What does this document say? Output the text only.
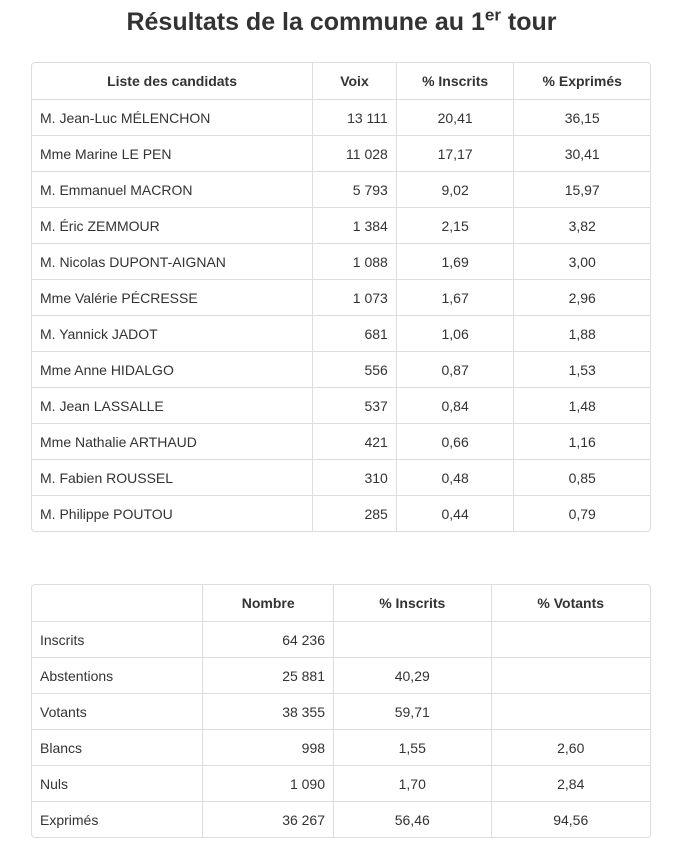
Résultats de la commune au 1er tour
Liste des candidats	Voix	% Inscrits	% Exprimés
M. Jean-Luc MÉLENCHON	13 111	20,41	36,15
Mme Marine LE PEN	11 028	17,17	30,41
M. Emmanuel MACRON	5 793	9,02	15,97
M. Éric ZEMMOUR	1 384	2,15	3,82
M. Nicolas DUPONT-AIGNAN	1 088	1,69	3,00
Mme Valérie PÉCRESSE	1 073	1,67	2,96
M. Yannick JADOT	681	1,06	1,88
Mme Anne HIDALGO	556	0,87	1,53
M. Jean LASSALLE	537	0,84	1,48
Mme Nathalie ARTHAUD	421	0,66	1,16
M. Fabien ROUSSEL	310	0,48	0,85
M. Philippe POUTOU	285	0,44	0,79
	Nombre	% Inscrits	% Votants
Inscrits	64 236		
Abstentions	25 881	40,29	
Votants	38 355	59,71	
Blancs	998	1,55	2,60
Nuls	1 090	1,70	2,84
Exprimés	36 267	56,46	94,56
